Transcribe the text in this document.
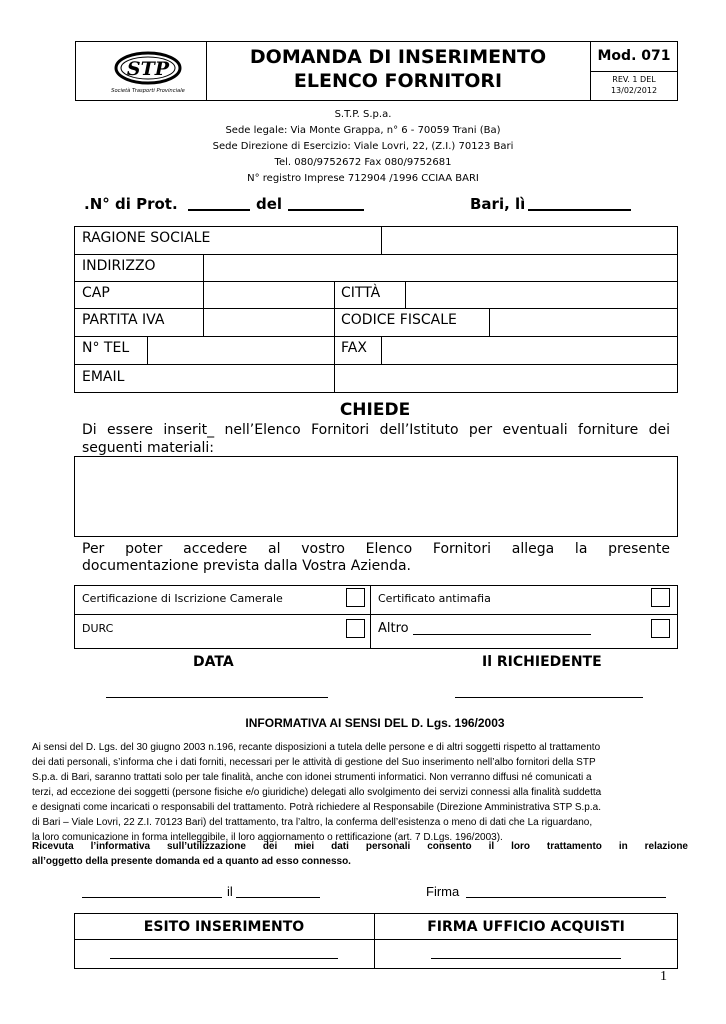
STP
Società Trasporti Provinciale
DOMANDA DI INSERIMENTO
ELENCO FORNITORI
Mod. 071
REV. 1 DEL
13/02/2012
S.T.P. S.p.a.
Sede legale: Via Monte Grappa, n° 6 - 70059 Trani (Ba)
Sede Direzione di Esercizio: Viale Lovri, 22, (Z.I.) 70123 Bari
Tel. 080/9752672 Fax 080/9752681
N° registro Imprese 712904 /1996 CCIAA BARI
.N° di Prot.	del	Bari, lì
RAGIONE SOCIALE
INDIRIZZO
CAP	CITTÀ
PARTITA IVA	CODICE FISCALE
N° TEL	FAX
EMAIL
CHIEDE
Di essere inserit_ nell’Elenco Fornitori dell’Istituto per eventuali forniture dei
seguenti materiali:
Per poter accedere al vostro Elenco Fornitori allega la presente
documentazione prevista dalla Vostra Azienda.
Certificazione di Iscrizione Camerale	Certificato antimafia
DURC	Altro
DATA	Il RICHIEDENTE
INFORMATIVA AI SENSI DEL D. Lgs. 196/2003
Ai sensi del D. Lgs. del 30 giugno 2003 n.196, recante disposizioni a tutela delle persone e di altri soggetti rispetto al trattamento
dei dati personali, s’informa che i dati forniti, necessari per le attività di gestione del Suo inserimento nell’albo fornitori della STP
S.p.a. di Bari, saranno trattati solo per tale finalità, anche con idonei strumenti informatici. Non verranno diffusi né comunicati a
terzi, ad eccezione dei soggetti (persone fisiche e/o giuridiche) delegati allo svolgimento dei servizi connessi alla finalità suddetta
e designati come incaricati o responsabili del trattamento. Potrà richiedere al Responsabile (Direzione Amministrativa STP S.p.a.
di Bari – Viale Lovri, 22 Z.I. 70123 Bari) del trattamento, tra l’altro, la conferma dell’esistenza o meno di dati che La riguardano,
la loro comunicazione in forma intelleggibile, il loro aggiornamento o rettificazione (art. 7 D.Lgs. 196/2003).
Ricevuta l’informativa sull’utilizzazione dei miei dati personali consento il loro trattamento in relazione
all’oggetto della presente domanda ed a quanto ad esso connesso.
il	Firma
ESITO INSERIMENTO	FIRMA UFFICIO ACQUISTI
1
